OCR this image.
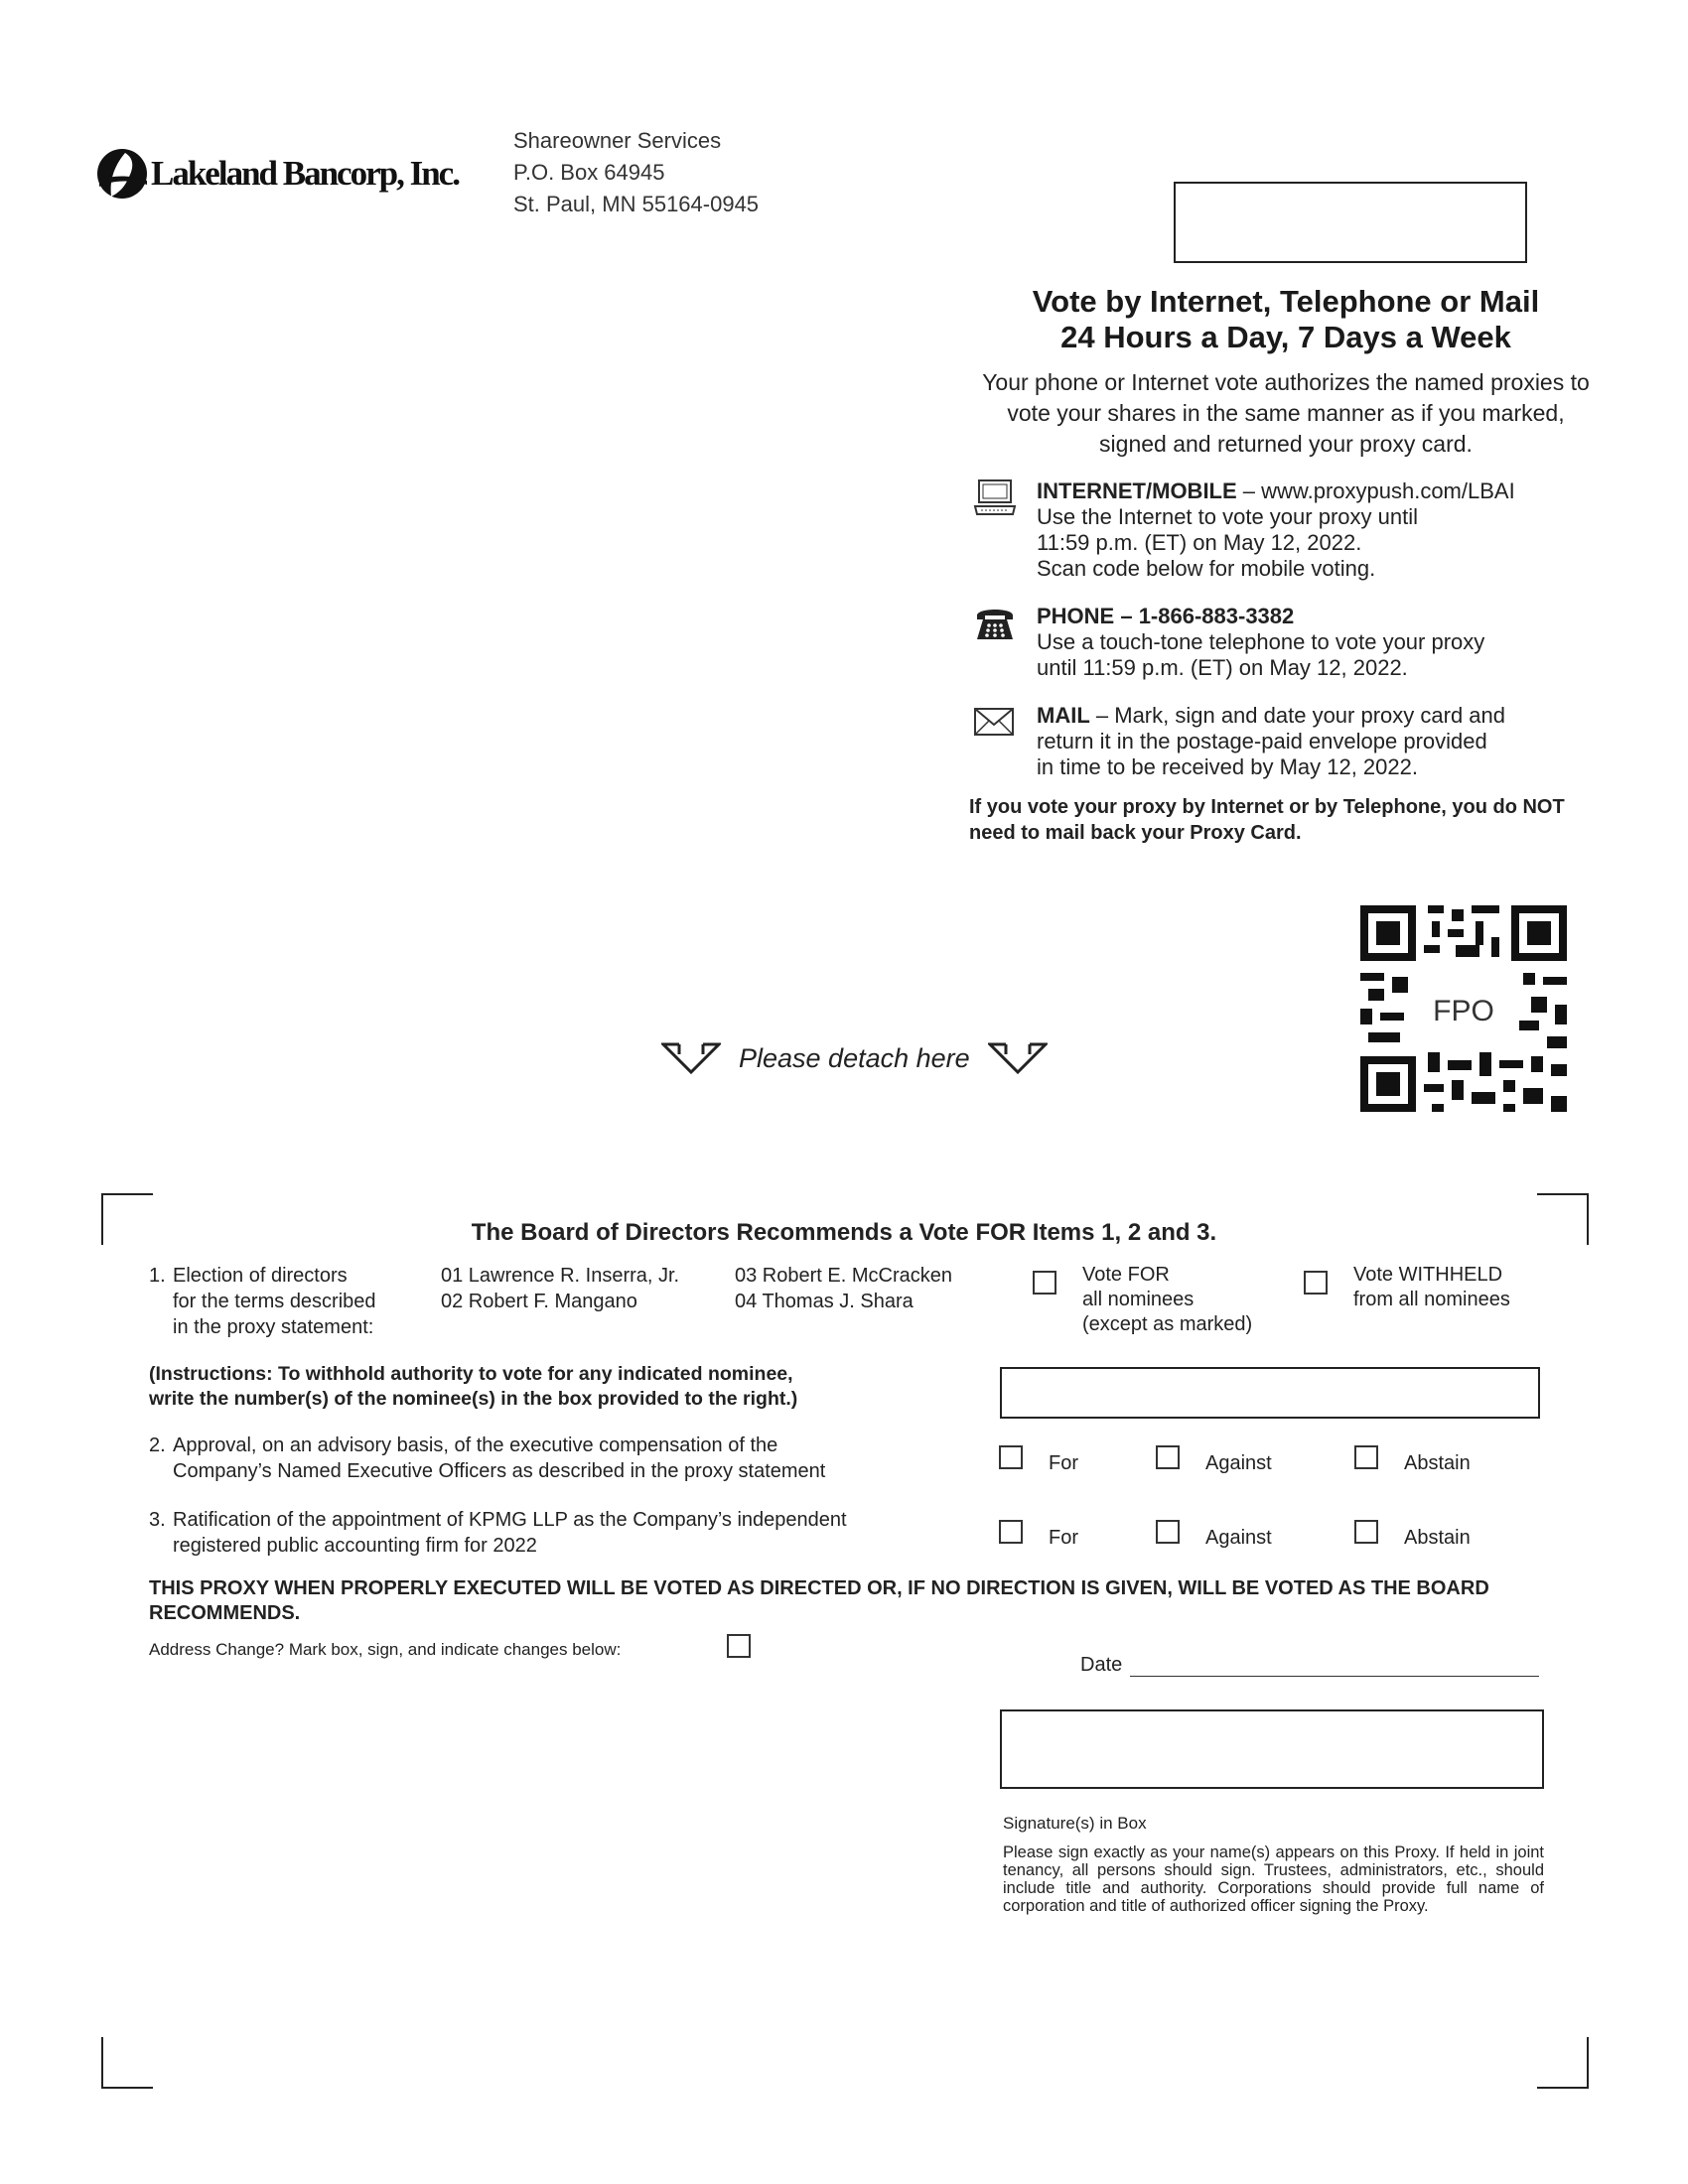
Lakeland Bancorp, Inc.
Shareowner Services
P.O. Box 64945
St. Paul, MN 55164-0945
Vote by Internet, Telephone or Mail
24 Hours a Day, 7 Days a Week
Your phone or Internet vote authorizes the named proxies to vote your shares in the same manner as if you marked, signed and returned your proxy card.
INTERNET/MOBILE – www.proxypush.com/LBAI
Use the Internet to vote your proxy until
11:59 p.m. (ET) on May 12, 2022.
Scan code below for mobile voting.
PHONE – 1-866-883-3382
Use a touch-tone telephone to vote your proxy
until 11:59 p.m. (ET) on May 12, 2022.
MAIL – Mark, sign and date your proxy card and
return it in the postage-paid envelope provided
in time to be received by May 12, 2022.
If you vote your proxy by Internet or by Telephone, you do NOT need to mail back your Proxy Card.
FPO
Please detach here
The Board of Directors Recommends a Vote FOR Items 1, 2 and 3.
1. Election of directors
for the terms described
in the proxy statement:
01 Lawrence R. Inserra, Jr.
02 Robert F. Mangano
03 Robert E. McCracken
04 Thomas J. Shara
Vote FOR
all nominees
(except as marked)
Vote WITHHELD
from all nominees
(Instructions: To withhold authority to vote for any indicated nominee,
write the number(s) of the nominee(s) in the box provided to the right.)
2. Approval, on an advisory basis, of the executive compensation of the
Company’s Named Executive Officers as described in the proxy statement	For	Against	Abstain
3. Ratification of the appointment of KPMG LLP as the Company’s independent
registered public accounting firm for 2022	For	Against	Abstain
THIS PROXY WHEN PROPERLY EXECUTED WILL BE VOTED AS DIRECTED OR, IF NO DIRECTION IS GIVEN, WILL BE VOTED AS THE BOARD RECOMMENDS.
Address Change? Mark box, sign, and indicate changes below:
Date
Signature(s) in Box
Please sign exactly as your name(s) appears on this Proxy. If held in joint tenancy, all persons should sign. Trustees, administrators, etc., should include title and authority. Corporations should provide full name of corporation and title of authorized officer signing the Proxy.
